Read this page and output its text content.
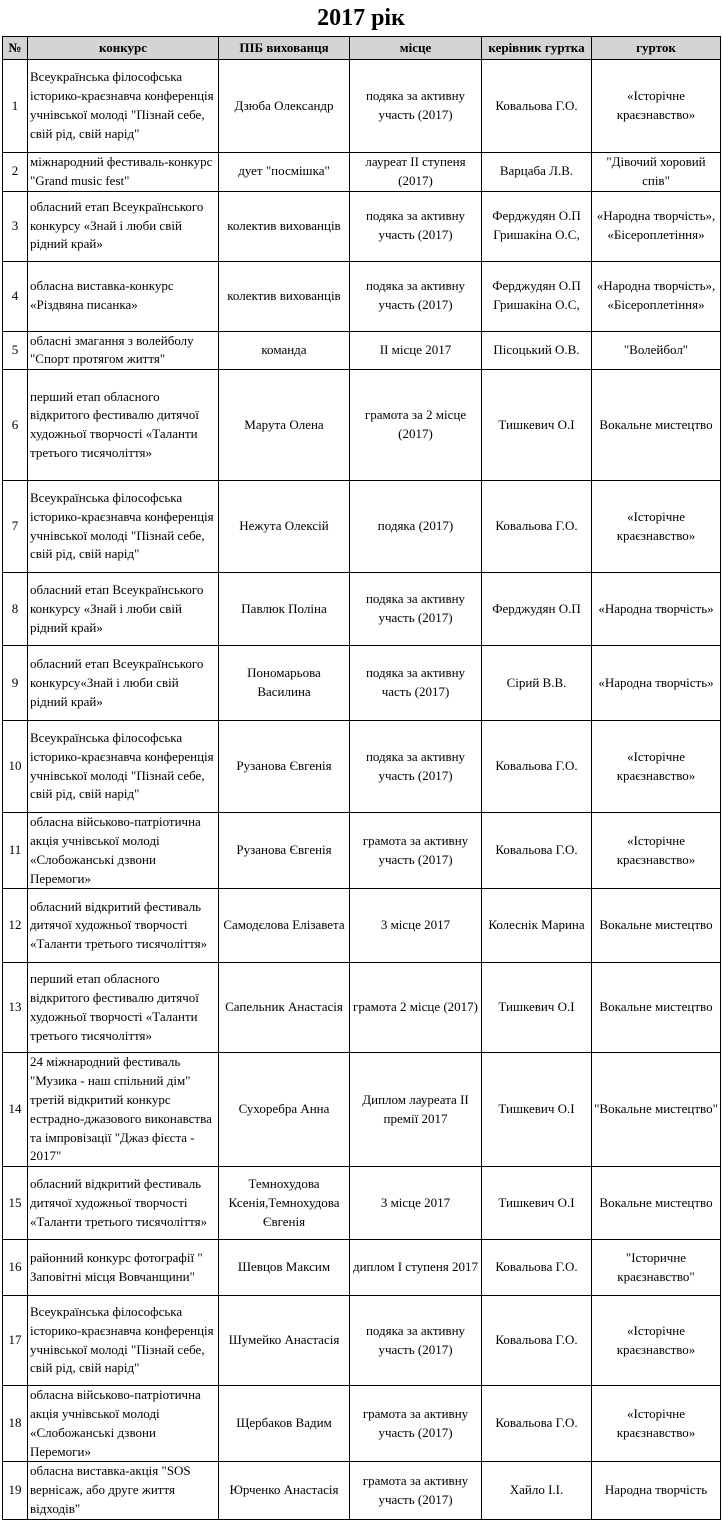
2017 рік
№	конкурс	ПІБ вихованця	місце	керівник гуртка	гурток
1	Всеукраїнська філософська історико-краєзнавча конференція учнівської молоді "Пізнай себе, свій рід, свій нарід"	Дзюба Олександр	подяка за активну участь (2017)	Ковальова Г.О.	«Історічне краєзнавство»
2	міжнародний фестиваль-конкурс "Grand music fest"	дует "посмішка"	лауреат ІІ ступеня (2017)	Варцаба Л.В.	"Дівочий хоровий спів"
3	обласний етап Всеукраїнського конкурсу «Знай і люби свій рідний край»	колектив вихованців	подяка за активну участь (2017)	Ферджудян О.П Гришакіна О.С,	«Народна творчість», «Бісероплетіння»
4	обласна виставка-конкурс «Різдвяна писанка»	колектив вихованців	подяка за активну участь (2017)	Ферджудян О.П Гришакіна О.С,	«Народна творчість», «Бісероплетіння»
5	обласні змагання з волейболу "Спорт протягом життя"	команда	ІІ місце 2017	Пісоцький О.В.	"Волейбол"
6	перший етап обласного відкритого фестивалю дитячої художньої творчості «Таланти третього тисячоліття»	Марута Олена	грамота за 2 місце (2017)	Тишкевич О.І	Вокальне мистецтво
7	Всеукраїнська філософська історико-краєзнавча конференція учнівської молоді "Пізнай себе, свій рід, свій нарід"	Нежута Олексій	подяка (2017)	Ковальова Г.О.	«Історічне краєзнавство»
8	обласний етап Всеукраїнського конкурсу «Знай і люби свій рідний край»	Павлюк Поліна	подяка за активну участь (2017)	Ферджудян О.П	«Народна творчість»
9	обласний етап Всеукраїнського конкурсу«Знай і люби свій рідний край»	Пономарьова Василина	подяка за активну часть (2017)	Сірий В.В.	«Народна творчість»
10	Всеукраїнська філософська історико-краєзнавча конференція учнівської молоді "Пізнай себе, свій рід, свій нарід"	Рузанова Євгенія	подяка за активну участь (2017)	Ковальова Г.О.	«Історічне краєзнавство»
11	обласна військово-патріотична акція учнівської молоді «Слобожанські дзвони Перемоги»	Рузанова Євгенія	грамота за активну участь (2017)	Ковальова Г.О.	«Історічне краєзнавство»
12	обласний відкритий фестиваль дитячої художньої творчості «Таланти третього тисячоліття»	Самодєлова Елізавета	3 місце 2017	Колеснік Марина	Вокальне мистецтво
13	перший етап обласного відкритого фестивалю дитячої художньої творчості «Таланти третього тисячоліття»	Сапельник Анастасія	грамота 2 місце (2017)	Тишкевич О.І	Вокальне мистецтво
14	24 міжнародний фестиваль "Музика - наш спільний дім" третій відкритий конкурс естрадно-джазового виконавства та імпровізації "Джаз фієста - 2017"	Сухоребра Анна	Диплом лауреата ІІ премії 2017	Тишкевич О.І	"Вокальне мистецтво"
15	обласний відкритий фестиваль дитячої художньої творчості «Таланти третього тисячоліття»	Темнохудова Ксенія,Темнохудова Євгенія	3 місце 2017	Тишкевич О.І	Вокальне мистецтво
16	районний конкурс фотографії " Заповітні місця Вовчанщини"	Шевцов Максим	диплом І ступеня 2017	Ковальова Г.О.	"Історичне краєзнавство"
17	Всеукраїнська філософська історико-краєзнавча конференція учнівської молоді "Пізнай себе, свій рід, свій нарід"	Шумейко Анастасія	подяка за активну участь (2017)	Ковальова Г.О.	«Історічне краєзнавство»
18	обласна військово-патріотична акція учнівської молоді «Слобожанські дзвони Перемоги»	Щербаков Вадим	грамота за активну участь (2017)	Ковальова Г.О.	«Історічне краєзнавство»
19	обласна виставка-акція "SOS вернісаж, або друге життя відходів"	Юрченко Анастасія	грамота за активну участь (2017)	Хайло І.І.	Народна творчість
